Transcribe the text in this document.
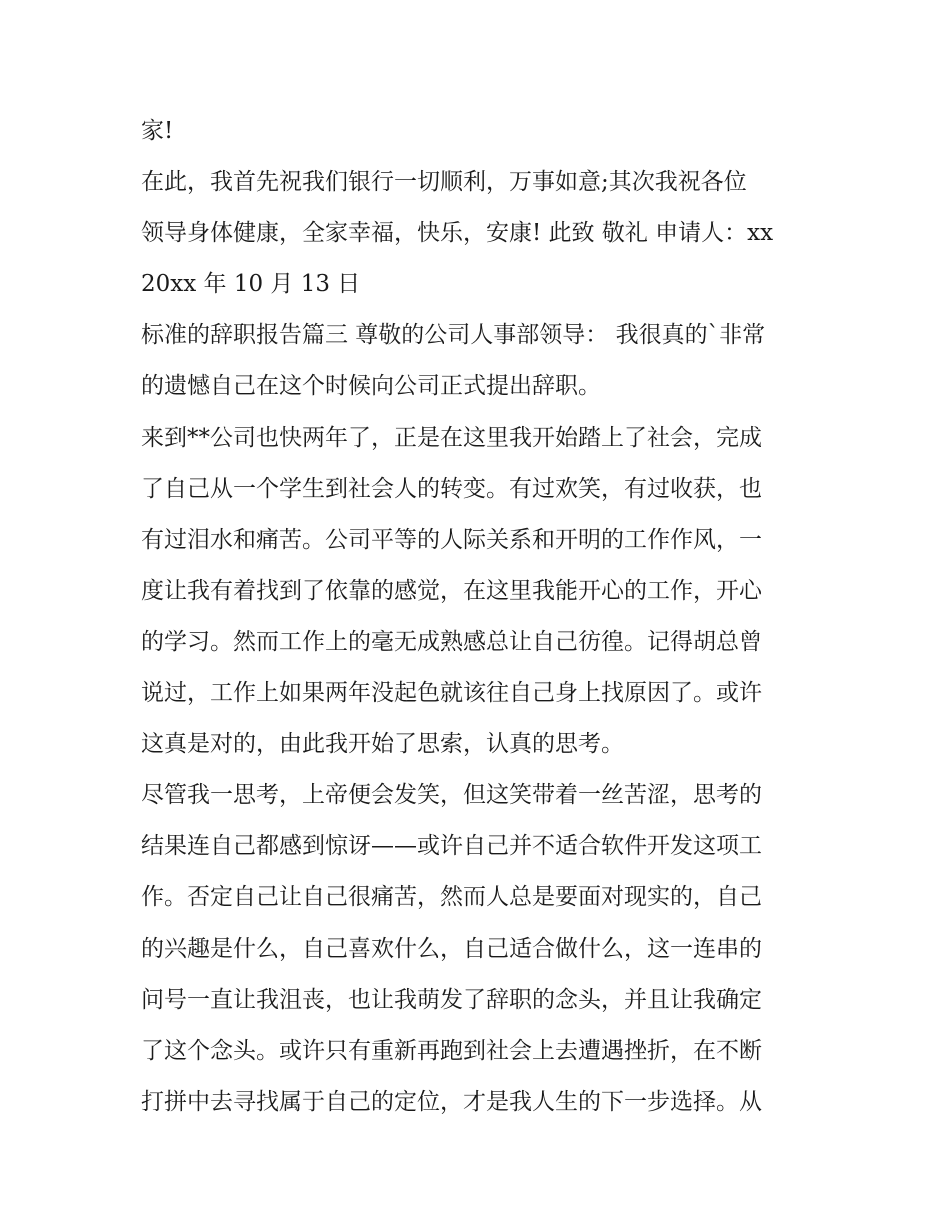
家!
在此，我首先祝我们银行一切顺利，万事如意;其次我祝各位
领导身体健康，全家幸福，快乐，安康! 此致 敬礼 申请人：xx
20xx 年 10 月 13 日
标准的辞职报告篇三 尊敬的公司人事部领导： 我很真的`非常
的遗憾自己在这个时候向公司正式提出辞职。
来到**公司也快两年了，正是在这里我开始踏上了社会，完成
了自己从一个学生到社会人的转变。有过欢笑，有过收获，也
有过泪水和痛苦。公司平等的人际关系和开明的工作作风，一
度让我有着找到了依靠的感觉，在这里我能开心的工作，开心
的学习。然而工作上的毫无成熟感总让自己彷徨。记得胡总曾
说过，工作上如果两年没起色就该往自己身上找原因了。或许
这真是对的，由此我开始了思索，认真的思考。
尽管我一思考，上帝便会发笑，但这笑带着一丝苦涩，思考的
结果连自己都感到惊讶——或许自己并不适合软件开发这项工
作。否定自己让自己很痛苦，然而人总是要面对现实的，自己
的兴趣是什么，自己喜欢什么，自己适合做什么，这一连串的
问号一直让我沮丧，也让我萌发了辞职的念头，并且让我确定
了这个念头。或许只有重新再跑到社会上去遭遇挫折，在不断
打拼中去寻找属于自己的定位，才是我人生的下一步选择。从
